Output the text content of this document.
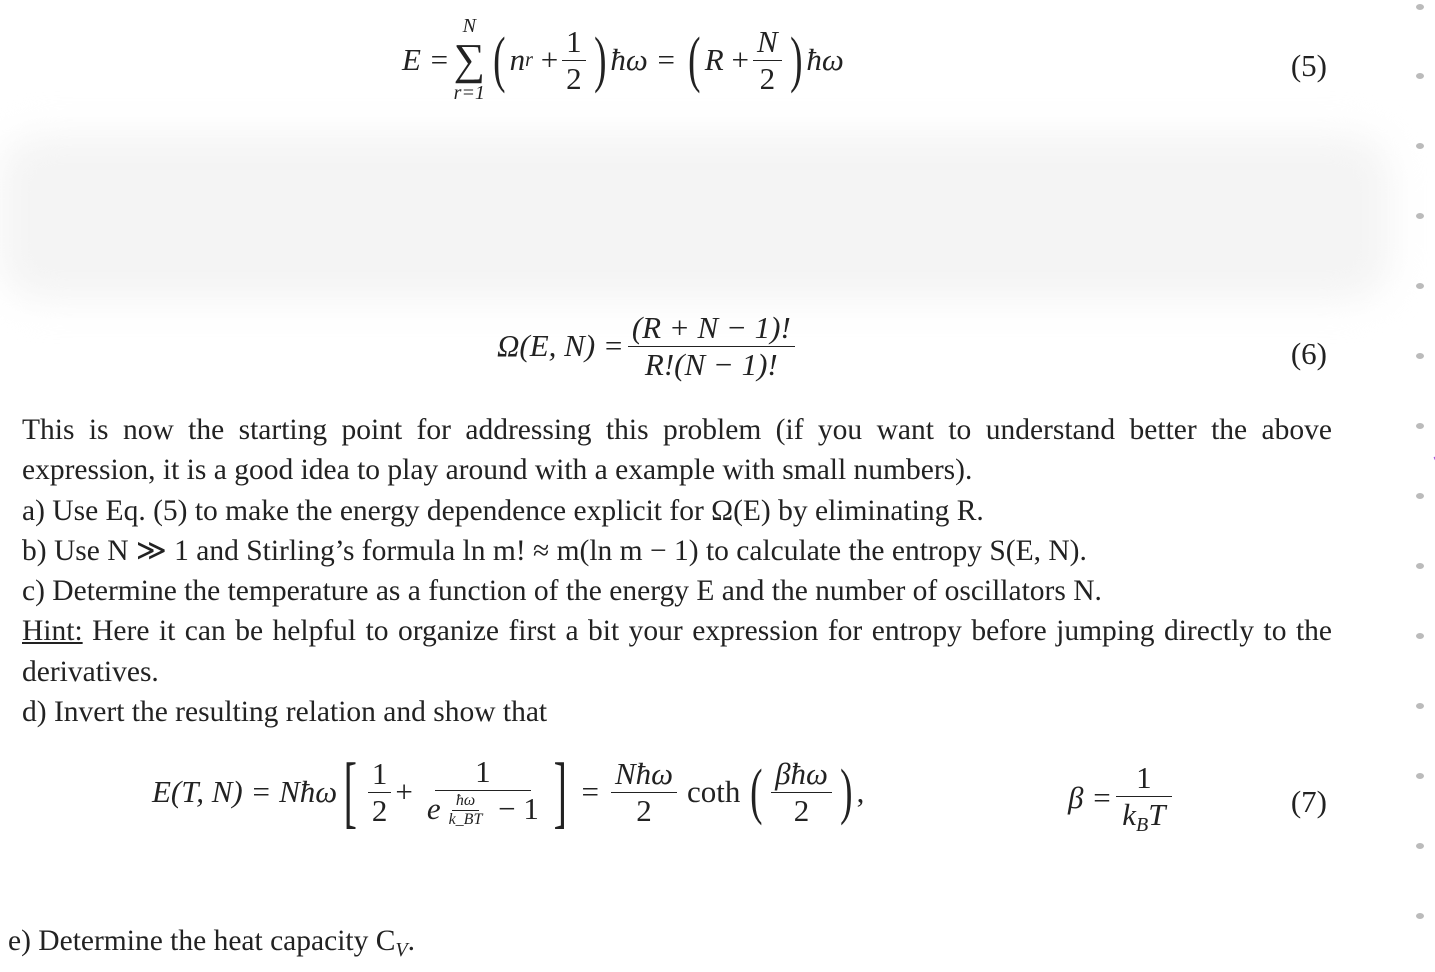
E =
N
∑
r=1 ( n r
+ $\frac{1}{2}$ ) ħω =
( R
+ $\frac{N}{2}$ ) ħω	(5)
Ω(E, $N) = \frac{(R + N - 1)!}{R!(N - 1)!}$	(6)

This is now the starting point for addressing this problem (if you want to understand better the above expression, it is a good idea to play around with a example with small numbers).

a) Use Eq. (5) to make the energy dependence explicit for Ω(E) by eliminating R.

b) Use N ≫ 1 and Stirling’s formula ln m! ≈ m(ln m − 1) to calculate the entropy S(E, N).

c) Determine the temperature as a function of the energy E and the number of oscillators N.

Hint: Here it can be helpful to organize first a bit your expression for entropy before jumping directly to the derivatives.

d) Invert the resulting relation and show that

E(T, N) = Nħω [ $\frac{1}{2} + \frac{1}{e \frac{ħ\omega}{k\_BT} - 1}$ ] = $\frac{\text{Nħω}}{2}$ coth ( $\frac{\text{βħω}}{2}$ ) ,	$\beta = \frac{1}{k_BT}$	(7)
e) Determine the heat capacity $C_V$.
